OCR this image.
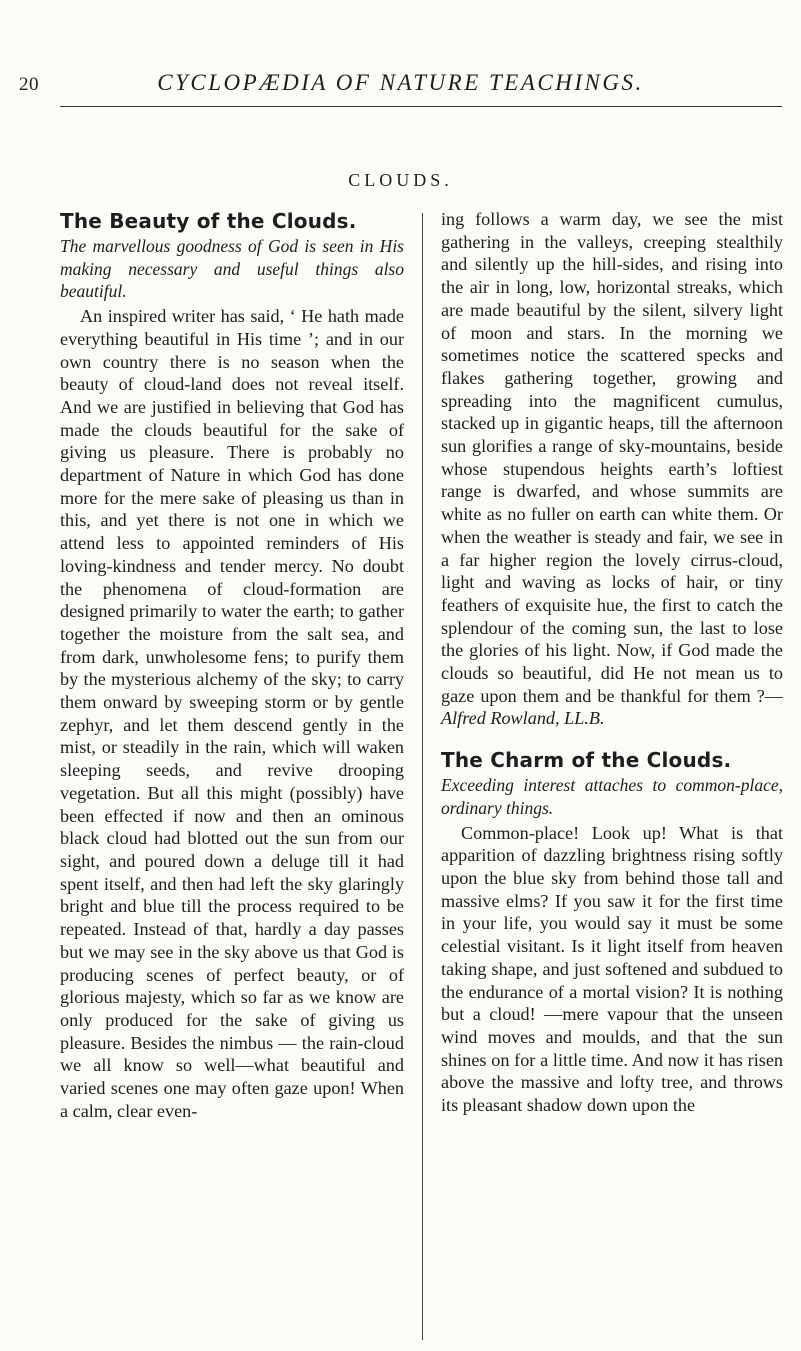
20	CYCLOPÆDIA OF NATURE TEACHINGS.
CLOUDS.
The Beauty of the Clouds.

The marvellous goodness of God is seen in His making necessary and useful things also beautiful.

An inspired writer has said, ‘ He hath made everything beautiful in His time ’; and in our own country there is no season when the beauty of cloud-land does not reveal itself. And we are justified in believing that God has made the clouds beautiful for the sake of giving us pleasure. There is probably no department of Nature in which God has done more for the mere sake of pleasing us than in this, and yet there is not one in which we attend less to appointed reminders of His loving-kindness and tender mercy. No doubt the phenomena of cloud-formation are designed primarily to water the earth; to gather together the moisture from the salt sea, and from dark, unwholesome fens; to purify them by the mysterious alchemy of the sky; to carry them onward by sweeping storm or by gentle zephyr, and let them descend gently in the mist, or steadily in the rain, which will waken sleeping seeds, and revive drooping vegetation. But all this might (possibly) have been effected if now and then an ominous black cloud had blotted out the sun from our sight, and poured down a deluge till it had spent itself, and then had left the sky glaringly bright and blue till the process required to be repeated. Instead of that, hardly a day passes but we may see in the sky above us that God is producing scenes of perfect beauty, or of glorious majesty, which so far as we know are only produced for the sake of giving us pleasure. Besides the nimbus — the rain-cloud we all know so well—what beautiful and varied scenes one may often gaze upon! When a calm, clear even-

ing follows a warm day, we see the mist gathering in the valleys, creeping stealthily and silently up the hill-sides, and rising into the air in long, low, horizontal streaks, which are made beautiful by the silent, silvery light of moon and stars. In the morning we sometimes notice the scattered specks and flakes gathering together, growing and spreading into the magnificent cumulus, stacked up in gigantic heaps, till the afternoon sun glorifies a range of sky-mountains, beside whose stupendous heights earth’s loftiest range is dwarfed, and whose summits are white as no fuller on earth can white them. Or when the weather is steady and fair, we see in a far higher region the lovely cirrus-cloud, light and waving as locks of hair, or tiny feathers of exquisite hue, the first to catch the splendour of the coming sun, the last to lose the glories of his light. Now, if God made the clouds so beautiful, did He not mean us to gaze upon them and be thankful for them ?— Alfred Rowland, LL.B.

The Charm of the Clouds.

Exceeding interest attaches to common-place, ordinary things.

Common-place! Look up! What is that apparition of dazzling brightness rising softly upon the blue sky from behind those tall and massive elms? If you saw it for the first time in your life, you would say it must be some celestial visitant. Is it light itself from heaven taking shape, and just softened and subdued to the endurance of a mortal vision? It is nothing but a cloud! —mere vapour that the unseen wind moves and moulds, and that the sun shines on for a little time. And now it has risen above the massive and lofty tree, and throws its pleasant shadow down upon the
